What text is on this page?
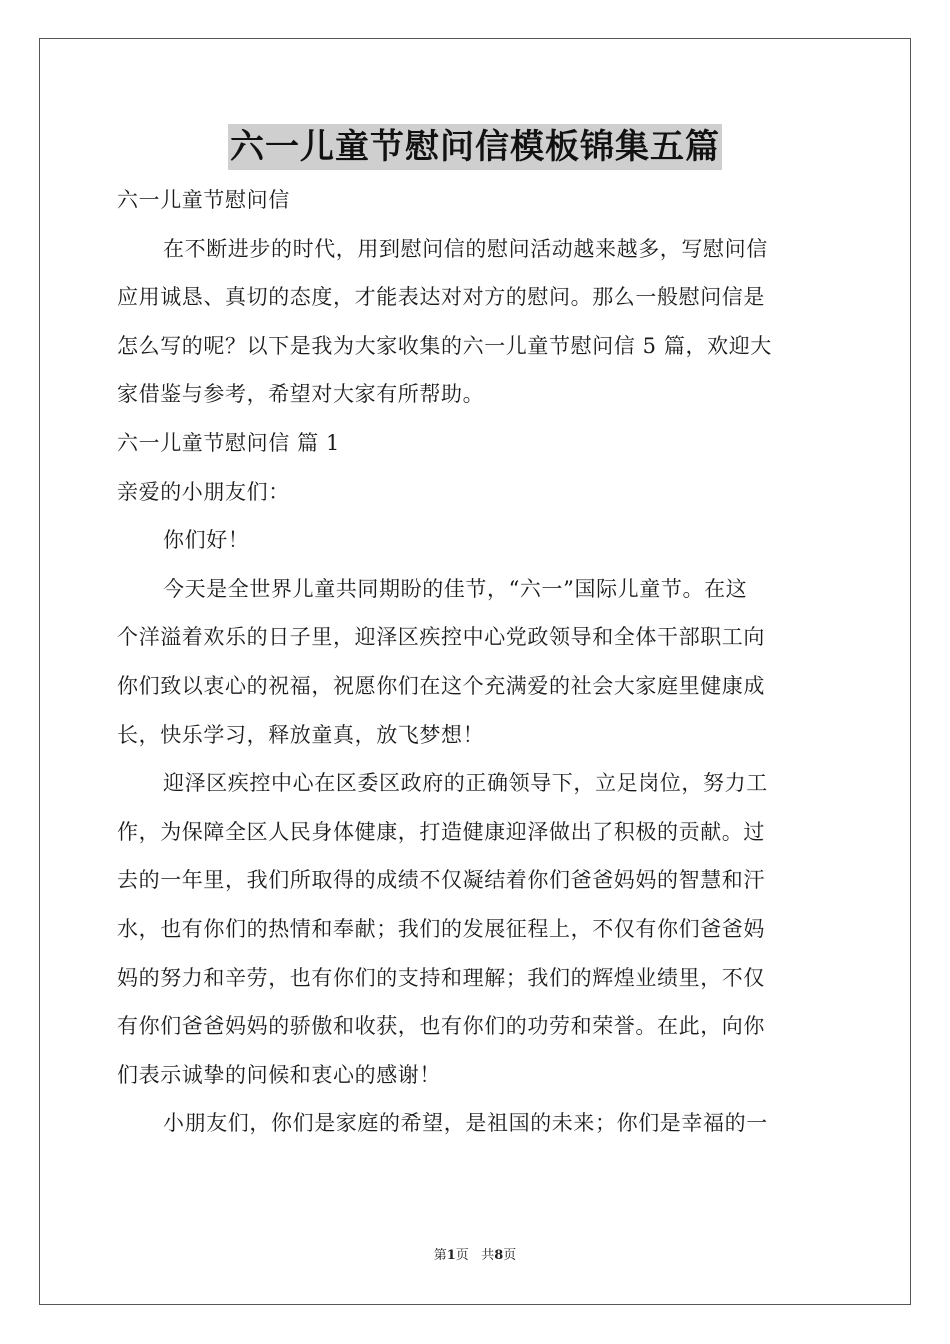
六一儿童节慰问信模板锦集五篇
六一儿童节慰问信
在不断进步的时代，用到慰问信的慰问活动越来越多，写慰问信
应用诚恳、真切的态度，才能表达对对方的慰问。那么一般慰问信是
怎么写的呢？以下是我为大家收集的六一儿童节慰问信 5 篇，欢迎大
家借鉴与参考，希望对大家有所帮助。
六一儿童节慰问信 篇 1
亲爱的小朋友们：
你们好！
今天是全世界儿童共同期盼的佳节，“六一”国际儿童节。在这
个洋溢着欢乐的日子里，迎泽区疾控中心党政领导和全体干部职工向
你们致以衷心的祝福，祝愿你们在这个充满爱的社会大家庭里健康成
长，快乐学习，释放童真，放飞梦想！
迎泽区疾控中心在区委区政府的正确领导下，立足岗位，努力工
作，为保障全区人民身体健康，打造健康迎泽做出了积极的贡献。过
去的一年里，我们所取得的成绩不仅凝结着你们爸爸妈妈的智慧和汗
水，也有你们的热情和奉献；我们的发展征程上，不仅有你们爸爸妈
妈的努力和辛劳，也有你们的支持和理解；我们的辉煌业绩里，不仅
有你们爸爸妈妈的骄傲和收获，也有你们的功劳和荣誉。在此，向你
们表示诚挚的问候和衷心的感谢！
小朋友们，你们是家庭的希望，是祖国的未来；你们是幸福的一
第1页 共8页
